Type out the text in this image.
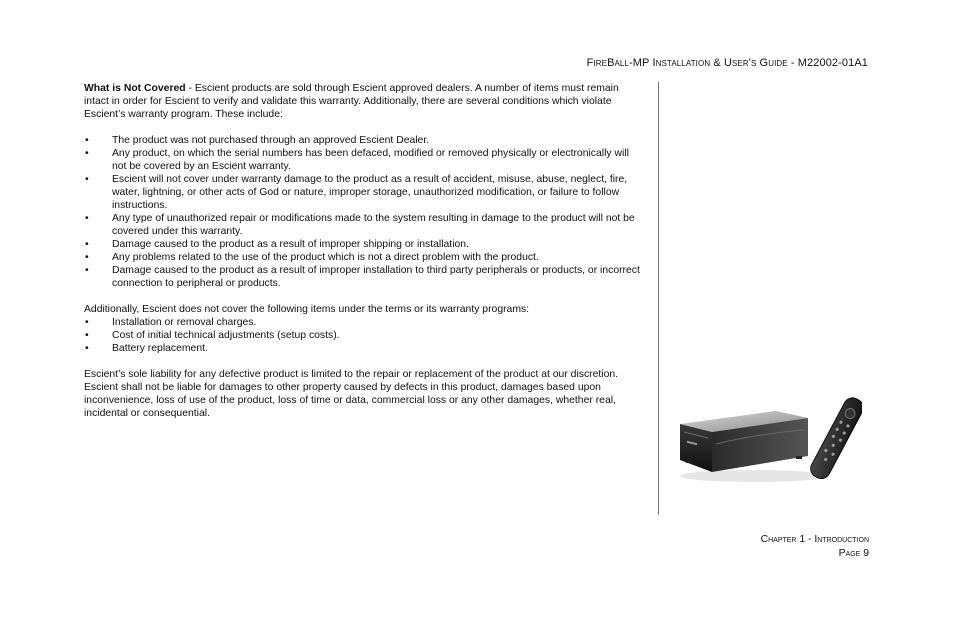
FireBall-MP Installation & User's Guide - M22002-01A1

What is Not Covered - Escient products are sold through Escient approved dealers. A number of items must remain intact in order for Escient to verify and validate this warranty. Additionally, there are several conditions which violate Escient’s warranty program. These include:

• The product was not purchased through an approved Escient Dealer.
• Any product, on which the serial numbers has been defaced, modified or removed physically or electronically will not be covered by an Escient warranty.
• Escient will not cover under warranty damage to the product as a result of accident, misuse, abuse, neglect, fire, water, lightning, or other acts of God or nature, improper storage, unauthorized modification, or failure to follow instructions.
• Any type of unauthorized repair or modifications made to the system resulting in damage to the product will not be covered under this warranty.
• Damage caused to the product as a result of improper shipping or installation.
• Any problems related to the use of the product which is not a direct problem with the product.
• Damage caused to the product as a result of improper installation to third party peripherals or products, or incorrect connection to peripheral or products.

Additionally, Escient does not cover the following items under the terms or its warranty programs:

• Installation or removal charges.
• Cost of initial technical adjustments (setup costs).
• Battery replacement.

Escient’s sole liability for any defective product is limited to the repair or replacement of the product at our discretion. Escient shall not be liable for damages to other property caused by defects in this product, damages based upon inconvenience, loss of use of the product, loss of time or data, commercial loss or any other damages, whether real, incidental or consequential.

Chapter 1 - Introduction
Page 9
